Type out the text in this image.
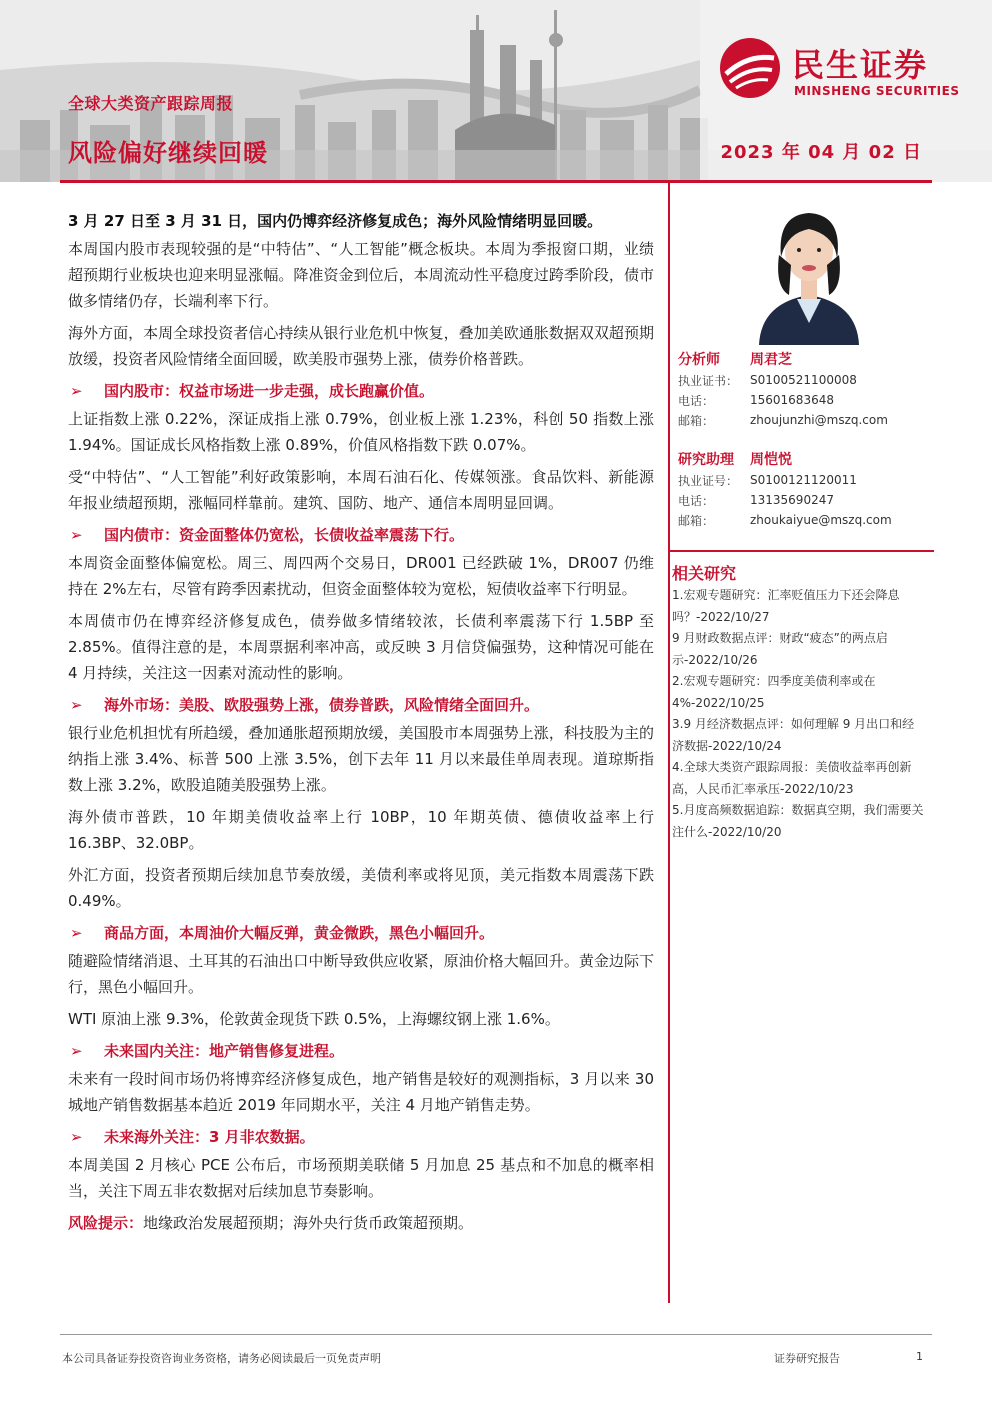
全球大类资产跟踪周报
风险偏好继续回暖	2023 年 04 月 02 日
民生证券
MINSHENG SECURITIES
3 月 27 日至 3 月 31 日，国内仍博弈经济修复成色；海外风险情绪明显回暖。
本周国内股市表现较强的是“中特估”、“人工智能”概念板块。本周为季报窗口期，业绩超预期行业板块也迎来明显涨幅。降准资金到位后，本周流动性平稳度过跨季阶段，债市做多情绪仍存，长端利率下行。
海外方面，本周全球投资者信心持续从银行业危机中恢复，叠加美欧通胀数据双双超预期放缓，投资者风险情绪全面回暖，欧美股市强势上涨，债券价格普跌。
➢	国内股市：权益市场进一步走强，成长跑赢价值。
上证指数上涨 0.22%，深证成指上涨 0.79%，创业板上涨 1.23%，科创 50 指数上涨 1.94%。国证成长风格指数上涨 0.89%，价值风格指数下跌 0.07%。
受“中特估”、“人工智能”利好政策影响，本周石油石化、传媒领涨。食品饮料、新能源年报业绩超预期，涨幅同样靠前。建筑、国防、地产、通信本周明显回调。
➢	国内债市：资金面整体仍宽松，长债收益率震荡下行。
本周资金面整体偏宽松。周三、周四两个交易日，DR001 已经跌破 1%，DR007 仍维持在 2%左右，尽管有跨季因素扰动，但资金面整体较为宽松，短债收益率下行明显。
本周债市仍在博弈经济修复成色，债券做多情绪较浓，长债利率震荡下行 1.5BP 至 2.85%。值得注意的是，本周票据利率冲高，或反映 3 月信贷偏强势，这种情况可能在 4 月持续，关注这一因素对流动性的影响。
➢	海外市场：美股、欧股强势上涨，债券普跌，风险情绪全面回升。
银行业危机担忧有所趋缓，叠加通胀超预期放缓，美国股市本周强势上涨，科技股为主的纳指上涨 3.4%、标普 500 上涨 3.5%，创下去年 11 月以来最佳单周表现。道琼斯指数上涨 3.2%，欧股追随美股强势上涨。
海外债市普跌，10 年期美债收益率上行 10BP，10 年期英债、德债收益率上行 16.3BP、32.0BP。
外汇方面，投资者预期后续加息节奏放缓，美债利率或将见顶，美元指数本周震荡下跌 0.49%。
➢	商品方面，本周油价大幅反弹，黄金微跌，黑色小幅回升。
随避险情绪消退、土耳其的石油出口中断导致供应收紧，原油价格大幅回升。黄金边际下行，黑色小幅回升。
WTI 原油上涨 9.3%，伦敦黄金现货下跌 0.5%，上海螺纹钢上涨 1.6%。
➢	未来国内关注：地产销售修复进程。
未来有一段时间市场仍将博弈经济修复成色，地产销售是较好的观测指标，3 月以来 30 城地产销售数据基本趋近 2019 年同期水平，关注 4 月地产销售走势。
➢	未来海外关注：3 月非农数据。
本周美国 2 月核心 PCE 公布后，市场预期美联储 5 月加息 25 基点和不加息的概率相当，关注下周五非农数据对后续加息节奏影响。
风险提示：地缘政治发展超预期；海外央行货币政策超预期。
分析师	周君芝
执业证书： S0100521100008
电话：	15601683648
邮箱：	zhoujunzhi@mszq.com
研究助理	周恺悦
执业证号： S0100121120011
电话：	13135690247
邮箱：	zhoukaiyue@mszq.com
相关研究
1.宏观专题研究：汇率贬值压力下还会降息吗？-2022/10/27
9 月财政数据点评：财政“疲态”的两点启示-2022/10/26
2.宏观专题研究：四季度美债利率或在 4%-2022/10/25
3.9 月经济数据点评：如何理解 9 月出口和经济数据-2022/10/24
4.全球大类资产跟踪周报：美债收益率再创新高，人民币汇率承压-2022/10/23
5.月度高频数据追踪：数据真空期，我们需要关注什么-2022/10/20
本公司具备证券投资咨询业务资格，请务必阅读最后一页免责声明	证券研究报告	1
